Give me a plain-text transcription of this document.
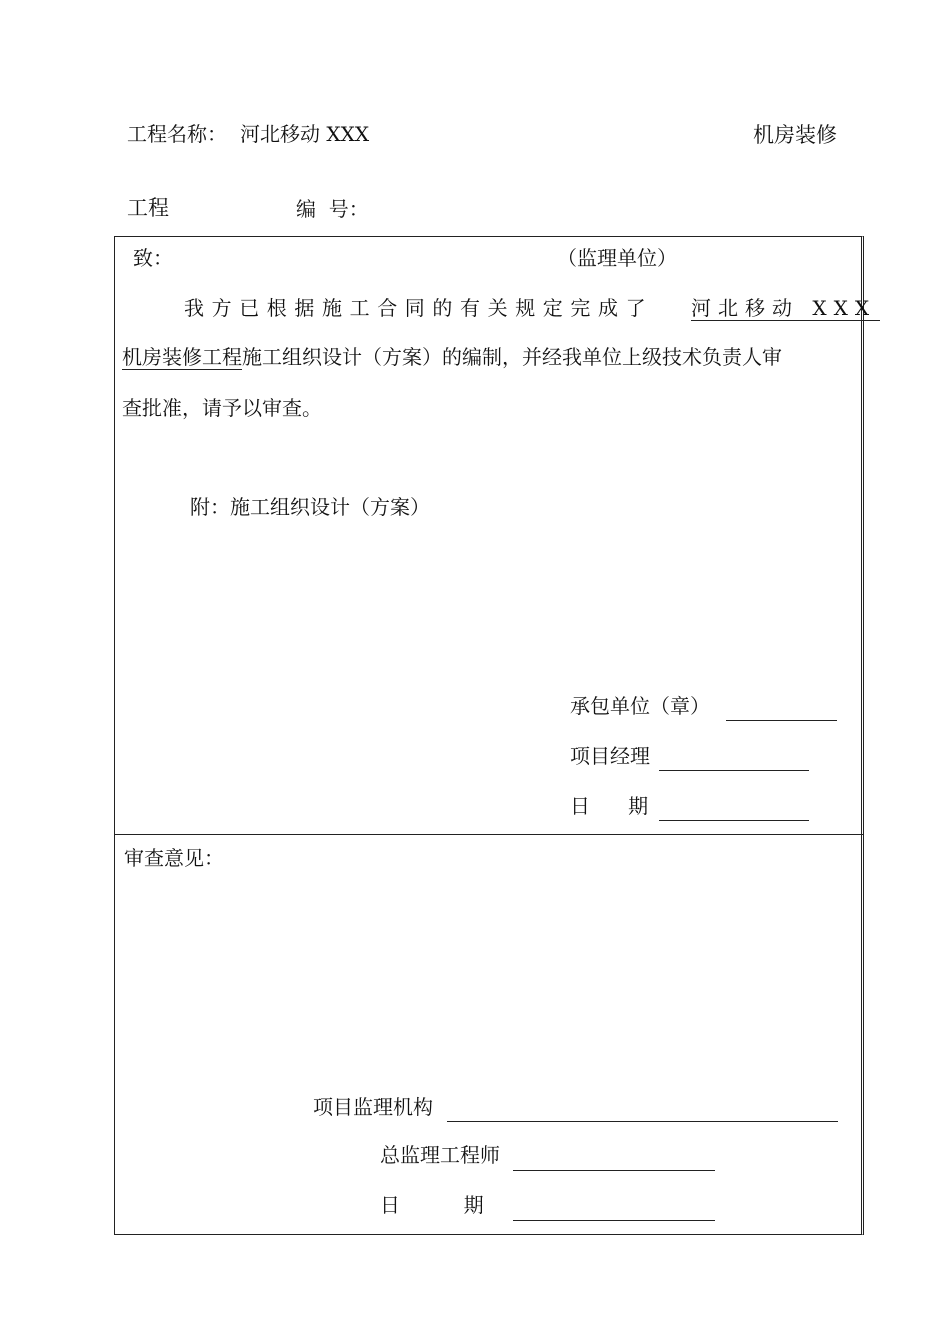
工程名称： 河北移动 XXX	机房装修
工程	编  号：
致：	（监理单位）
我方已根据施工合同的有关规定完成了 河北移动 XXX
机房装修工程施工组织设计（方案）的编制，并经我单位上级技术负责人审
查批准，请予以审查。
附：施工组织设计（方案）
承包单位（章）
项目经理
日      期
审查意见：
项目监理机构
总监理工程师
日          期
